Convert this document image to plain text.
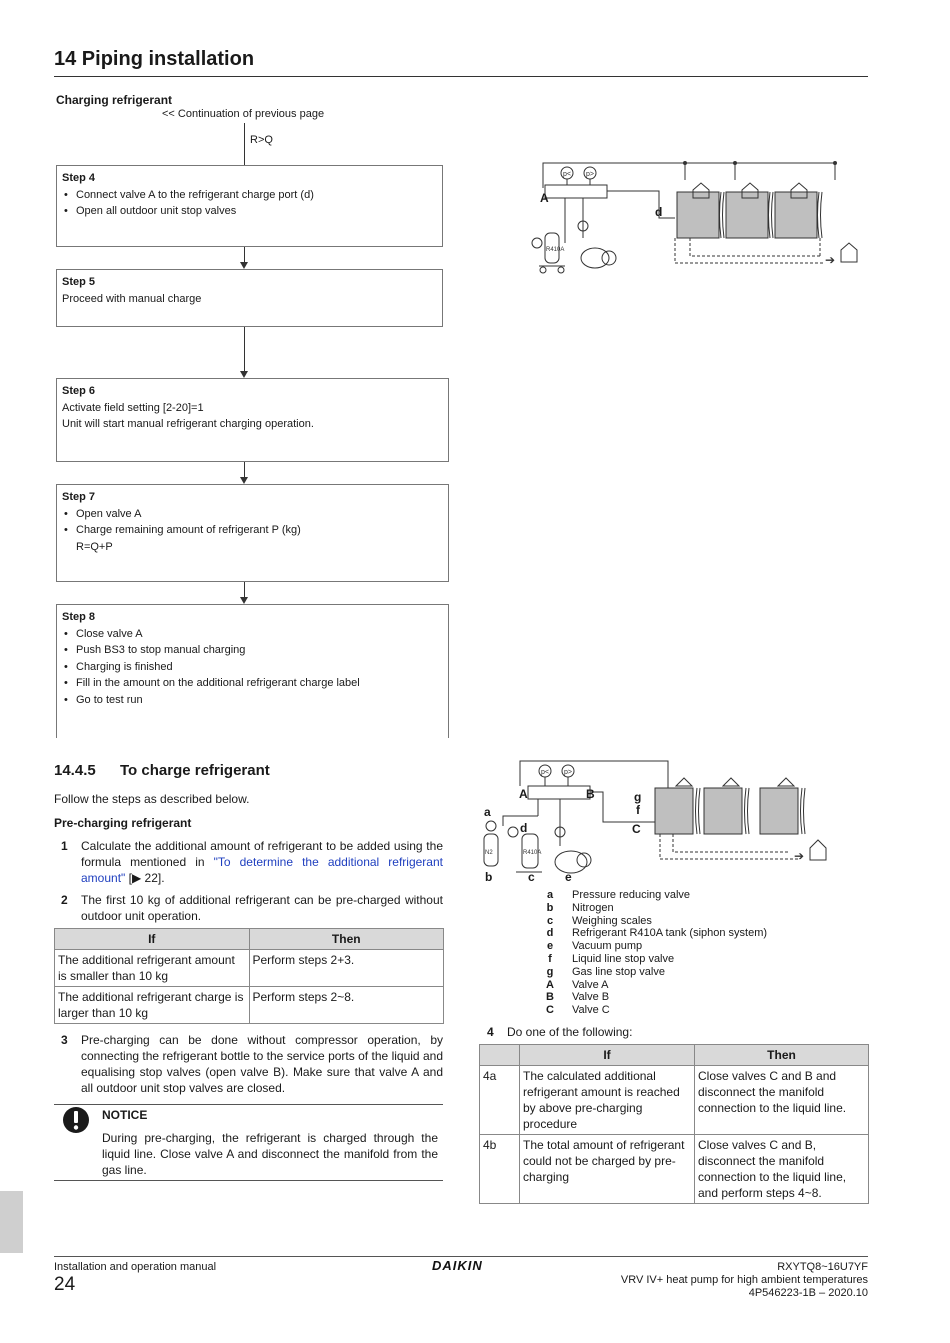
14 Piping installation
Charging refrigerant
<< Continuation of previous page
R>Q
Step 4
• Connect valve A to the refrigerant charge port (d)
• Open all outdoor unit stop valves
Step 5
Proceed with manual charge
Step 6
Activate field setting [2-20]=1
Unit will start manual refrigerant charging operation.
Step 7
• Open valve A
• Charge remaining amount of refrigerant P (kg)
R=Q+P
Step 8
• Close valve A
• Push BS3 to stop manual charging
• Charging is finished
• Fill in the amount on the additional refrigerant charge label
• Go to test run
p< p>
R410A
A
d
➔
14.4.5 To charge refrigerant
Follow the steps as described below.
Pre-charging refrigerant
1 Calculate the additional amount of refrigerant to be added using the formula mentioned in "To determine the additional refrigerant amount" [▶ 22].
2 The first 10 kg of additional refrigerant can be pre-charged without outdoor unit operation.
If	Then
The additional refrigerant amount is smaller than 10 kg	Perform steps 2+3.
The additional refrigerant charge is larger than 10 kg	Perform steps 2~8.
3 Pre-charging can be done without compressor operation, by connecting the refrigerant bottle to the service ports of the liquid and equalising stop valves (open valve B). Make sure that valve A and all outdoor unit stop valves are closed.
NOTICE
During pre-charging, the refrigerant is charged through the liquid line. Close valve A and disconnect the manifold from the gas line.
p< p>
N2	R410A
A	B
a
d
b	c	e
g
f
C
➔
a Pressure reducing valve
b Nitrogen
c Weighing scales
d Refrigerant R410A tank (siphon system)
e Vacuum pump
f Liquid line stop valve
g Gas line stop valve
A Valve A
B Valve B
C Valve C
4 Do one of the following:
	If	Then
4a	The calculated additional refrigerant amount is reached by above pre-charging procedure	Close valves C and B and disconnect the manifold connection to the liquid line.
4b	The total amount of refrigerant could not be charged by pre-charging	Close valves C and B, disconnect the manifold connection to the liquid line, and perform steps 4~8.
Installation and operation manual
24
DAIKIN	RXYTQ8~16U7YF
VRV IV+ heat pump for high ambient temperatures
4P546223-1B – 2020.10
